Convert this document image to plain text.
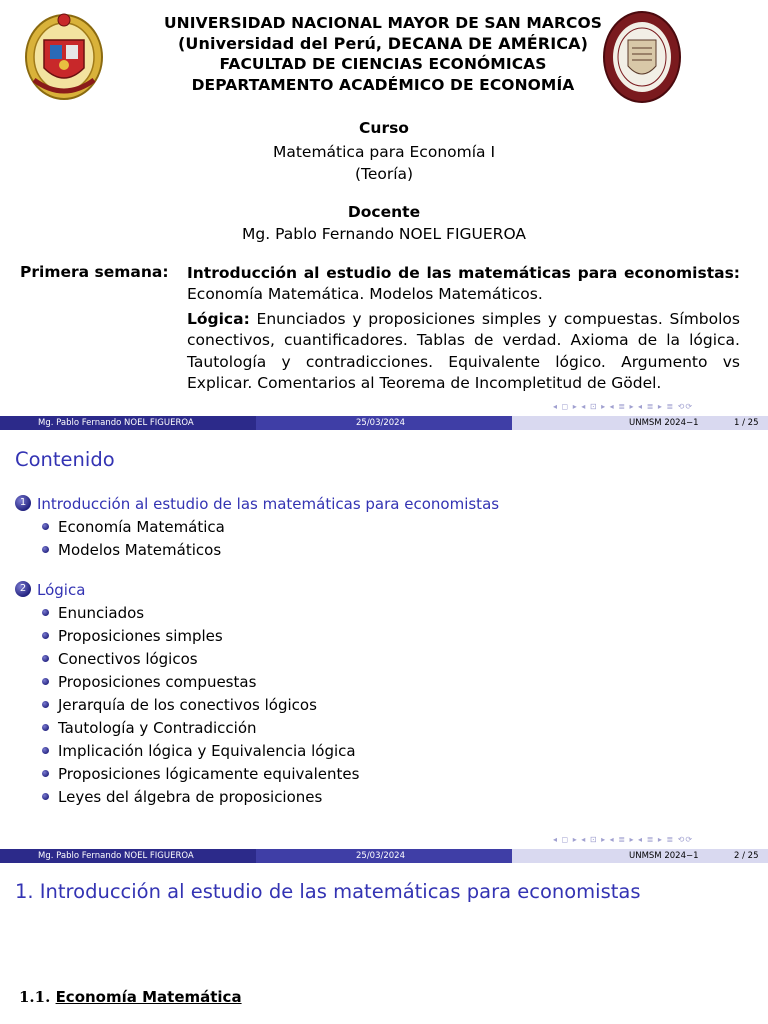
UNIVERSIDAD NACIONAL MAYOR DE SAN MARCOS
(Universidad del Perú, DECANA DE AMÉRICA)
FACULTAD DE CIENCIAS ECONÓMICAS
DEPARTAMENTO ACADÉMICO DE ECONOMÍA
Curso
Matemática para Economía I
(Teoría)
Docente
Mg. Pablo Fernando NOEL FIGUEROA
Primera semana: Introducción al estudio de las matemáticas para economistas: Economía Matemática. Modelos Matemáticos.
Lógica: Enunciados y proposiciones simples y compuestas. Símbolos conectivos, cuantificadores. Tablas de verdad. Axioma de la lógica. Tautología y contradicciones. Equivalente lógico. Argumento vs Explicar. Comentarios al Teorema de Incompletitud de Gödel.
◂ ◻ ▸ ◂ ⊡ ▸ ◂ ≣ ▸ ◂ ≣ ▸ ≣ ⟲⟳
Mg. Pablo Fernando NOEL FIGUEROA	25/03/2024	UNMSM 2024−1	1 / 25
Contenido
1 Introducción al estudio de las matemáticas para economistas
Economía Matemática
Modelos Matemáticos
2 Lógica
Enunciados
Proposiciones simples
Conectivos lógicos
Proposiciones compuestas
Jerarquía de los conectivos lógicos
Tautología y Contradicción
Implicación lógica y Equivalencia lógica
Proposiciones lógicamente equivalentes
Leyes del álgebra de proposiciones
◂ ◻ ▸ ◂ ⊡ ▸ ◂ ≣ ▸ ◂ ≣ ▸ ≣ ⟲⟳
Mg. Pablo Fernando NOEL FIGUEROA	25/03/2024	UNMSM 2024−1	2 / 25
1. Introducción al estudio de las matemáticas para economistas
1.1. Economía Matemática
